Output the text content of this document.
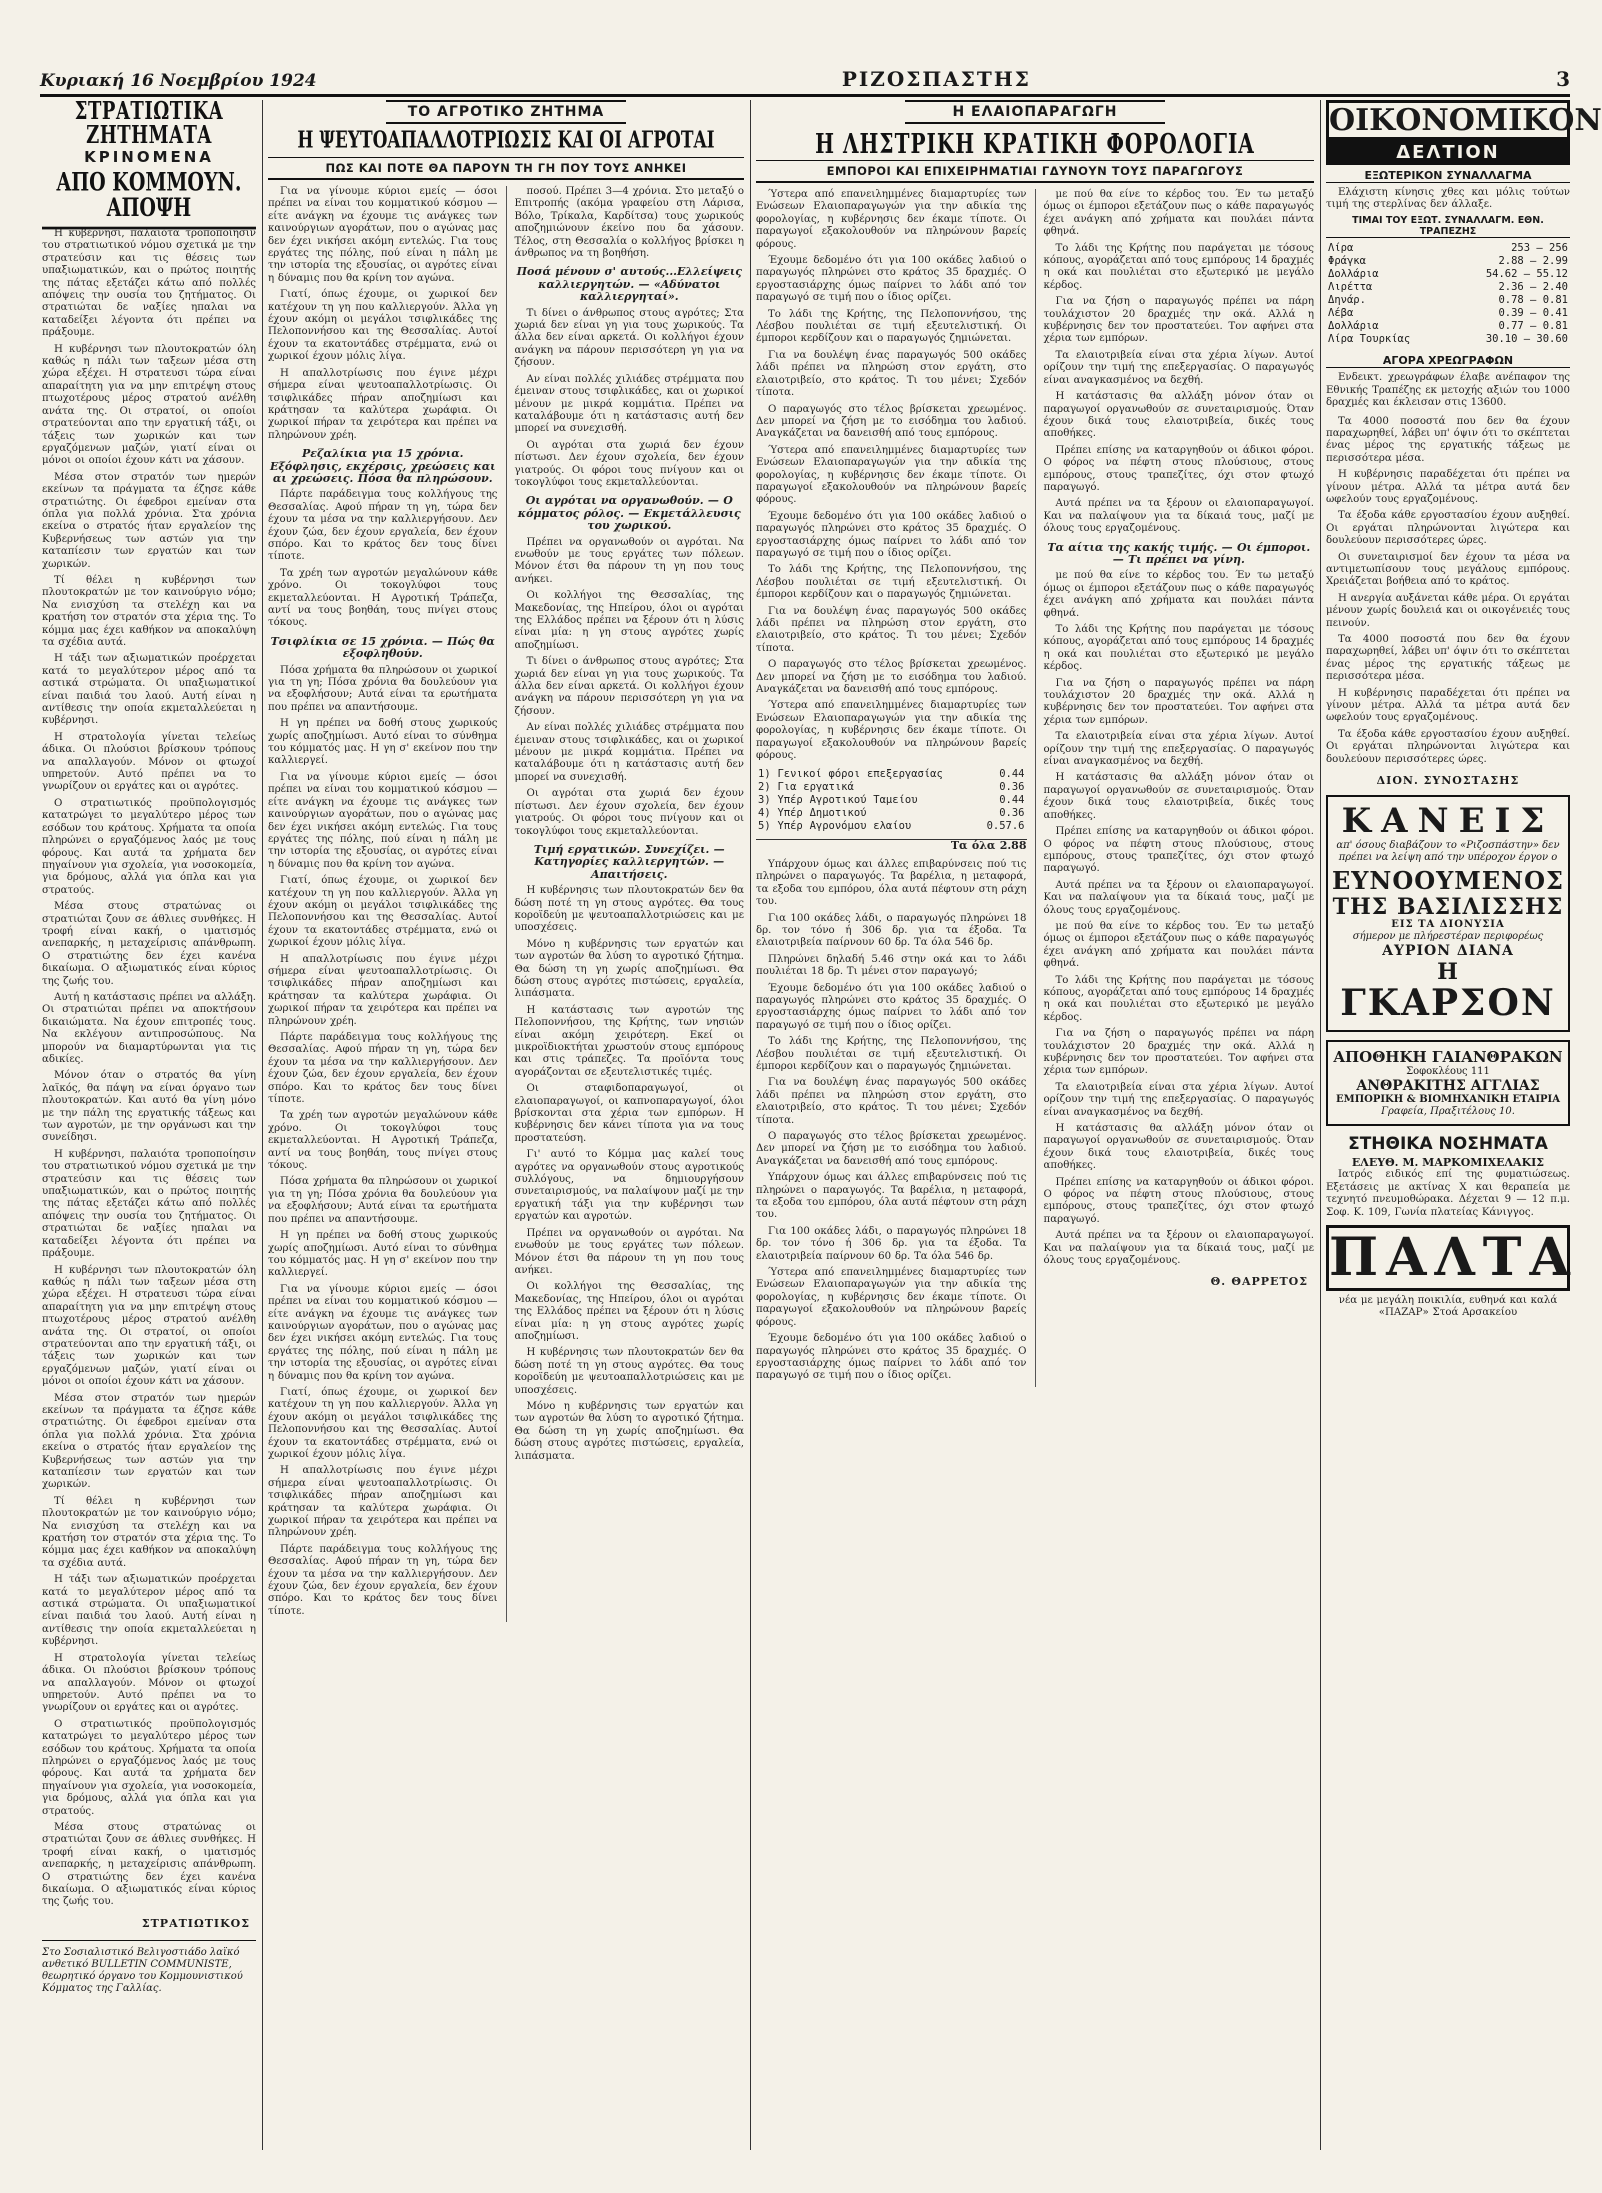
Κυριακή 16 Νοεμβρίου 1924	ΡΙΖΟΣΠΑΣΤΗΣ	3
ΣΤΡΑΤΙΩΤΙΚΑ ΖΗΤΗΜΑΤΑ
ΚΡΙΝΟΜΕΝΑ
ΑΠΟ ΚΟΜΜΟΥΝ. ΑΠΟΨΗ

Η κυβέρνησι, παλαιότα τροποποίησιν του στρατιωτικού νόμου σχετικά με την στρατεύσιν και τις θέσεις των υπαξιωματικών, και ο πρώτος ποιητής της πάτας εξετάζει κάτω από πολλές απόψεις την ουσία του ζητήματος. Οι στρατιώται δε ναξίες ηπαλαι να καταδείξει λέγοντα ότι πρέπει να πράξουμε.

Η κυβέρνησι των πλουτοκρατών όλη καθώς η πάλι των ταξεων μέσα στη χώρα εξέχει. Η στρατευσι τώρα είναι απαραίτητη για να μην επιτρέψη στους πτωχοτέρους μέρος στρατού ανέλθη ανάτα της. Οι στρατοί, οι οποίοι στρατεύονται απο την εργατική τάξι, οι τάξεις των χωρικών και των εργαζόμενων μαζών, γιατί είναι οι μόνοι οι οποίοι έχουν κάτι να χάσουν.

Μέσα στον στρατόν των ημερών εκείνων τα πράγματα τα έζησε κάθε στρατιώτης. Οι έφεδροι εμείναν στα όπλα για πολλά χρόνια. Στα χρόνια εκείνα ο στρατός ήταν εργαλείον της Κυβερνήσεως των αστών για την καταπίεσιν των εργατών και των χωρικών.

Τί θέλει η κυβέρνησι των πλουτοκρατών με τον καινούργιο νόμο; Να ενισχύση τα στελέχη και να κρατήση τον στρατόν στα χέρια της. Το κόμμα μας έχει καθήκον να αποκαλύψη τα σχέδια αυτά.

Η τάξι των αξιωματικών προέρχεται κατά το μεγαλύτερον μέρος από τα αστικά στρώματα. Οι υπαξιωματικοί είναι παιδιά του λαού. Αυτή είναι η αντίθεσις την οποία εκμεταλλεύεται η κυβέρνησι.

Η στρατολογία γίνεται τελείως άδικα. Οι πλούσιοι βρίσκουν τρόπους να απαλλαγούν. Μόνον οι φτωχοί υπηρετούν. Αυτό πρέπει να το γνωρίζουν οι εργάτες και οι αγρότες.

Ο στρατιωτικός προϋπολογισμός κατατρώγει το μεγαλύτερο μέρος των εσόδων του κράτους. Χρήματα τα οποία πληρώνει ο εργαζόμενος λαός με τους φόρους. Και αυτά τα χρήματα δεν πηγαίνουν για σχολεία, για νοσοκομεία, για δρόμους, αλλά για όπλα και για στρατούς.

Μέσα στους στρατώνας οι στρατιώται ζουν σε άθλιες συνθήκες. Η τροφή είναι κακή, ο ιματισμός ανεπαρκής, η μεταχείρισις απάνθρωπη. Ο στρατιώτης δεν έχει κανένα δικαίωμα. Ο αξιωματικός είναι κύριος της ζωής του.

Αυτή η κατάστασις πρέπει να αλλάξη. Οι στρατιώται πρέπει να αποκτήσουν δικαιώματα. Να έχουν επιτροπές τους. Να εκλέγουν αντιπροσώπους. Να μπορούν να διαμαρτύρωνται για τις αδικίες.

Μόνον όταν ο στρατός θα γίνη λαϊκός, θα πάψη να είναι όργανο των πλουτοκρατών. Και αυτό θα γίνη μόνο με την πάλη της εργατικής τάξεως και των αγροτών, με την οργάνωσι και την συνείδησι.

Η κυβέρνησι, παλαιότα τροποποίησιν του στρατιωτικού νόμου σχετικά με την στρατεύσιν και τις θέσεις των υπαξιωματικών, και ο πρώτος ποιητής της πάτας εξετάζει κάτω από πολλές απόψεις την ουσία του ζητήματος. Οι στρατιώται δε ναξίες ηπαλαι να καταδείξει λέγοντα ότι πρέπει να πράξουμε.

Η κυβέρνησι των πλουτοκρατών όλη καθώς η πάλι των ταξεων μέσα στη χώρα εξέχει. Η στρατευσι τώρα είναι απαραίτητη για να μην επιτρέψη στους πτωχοτέρους μέρος στρατού ανέλθη ανάτα της. Οι στρατοί, οι οποίοι στρατεύονται απο την εργατική τάξι, οι τάξεις των χωρικών και των εργαζόμενων μαζών, γιατί είναι οι μόνοι οι οποίοι έχουν κάτι να χάσουν.

Μέσα στον στρατόν των ημερών εκείνων τα πράγματα τα έζησε κάθε στρατιώτης. Οι έφεδροι εμείναν στα όπλα για πολλά χρόνια. Στα χρόνια εκείνα ο στρατός ήταν εργαλείον της Κυβερνήσεως των αστών για την καταπίεσιν των εργατών και των χωρικών.

Τί θέλει η κυβέρνησι των πλουτοκρατών με τον καινούργιο νόμο; Να ενισχύση τα στελέχη και να κρατήση τον στρατόν στα χέρια της. Το κόμμα μας έχει καθήκον να αποκαλύψη τα σχέδια αυτά.

Η τάξι των αξιωματικών προέρχεται κατά το μεγαλύτερον μέρος από τα αστικά στρώματα. Οι υπαξιωματικοί είναι παιδιά του λαού. Αυτή είναι η αντίθεσις την οποία εκμεταλλεύεται η κυβέρνησι.

Η στρατολογία γίνεται τελείως άδικα. Οι πλούσιοι βρίσκουν τρόπους να απαλλαγούν. Μόνον οι φτωχοί υπηρετούν. Αυτό πρέπει να το γνωρίζουν οι εργάτες και οι αγρότες.

Ο στρατιωτικός προϋπολογισμός κατατρώγει το μεγαλύτερο μέρος των εσόδων του κράτους. Χρήματα τα οποία πληρώνει ο εργαζόμενος λαός με τους φόρους. Και αυτά τα χρήματα δεν πηγαίνουν για σχολεία, για νοσοκομεία, για δρόμους, αλλά για όπλα και για στρατούς.

Μέσα στους στρατώνας οι στρατιώται ζουν σε άθλιες συνθήκες. Η τροφή είναι κακή, ο ιματισμός ανεπαρκής, η μεταχείρισις απάνθρωπη. Ο στρατιώτης δεν έχει κανένα δικαίωμα. Ο αξιωματικός είναι κύριος της ζωής του.

ΣΤΡΑΤΙΩΤΙΚΟΣ
Στο Σοσιαλιστικό Βελιγοστιάδο λαϊκό ανθετικό BULLETIN COMMUNISTE, θεωρητικό όργανο του Κομμουνιστικού Κόμματος της Γαλλίας.
ΤΟ ΑΓΡΟΤΙΚΟ ΖΗΤΗΜΑ
Η ΨΕΥΤΟΑΠΑΛΛΟΤΡΙΩΣΙΣ ΚΑΙ ΟΙ ΑΓΡΟΤΑΙ
ΠΩΣ ΚΑΙ ΠΟΤΕ ΘΑ ΠΑΡΟΥΝ ΤΗ ΓΗ ΠΟΥ ΤΟΥΣ ΑΝΗΚΕΙ

Για να γίνουμε κύριοι εμείς — όσοι πρέπει να είναι του κομματικού κόσμου — είτε ανάγκη να έχουμε τις ανάγκες των καινούργιων αγοράτων, που ο αγώνας μας δεν έχει νικήσει ακόμη εντελώς. Για τους εργάτες της πόλης, πού είναι η πάλη με την ιστορία της εξουσίας, οι αγρότες είναι η δύναμις που θα κρίνη τον αγώνα.

Γιατί, όπως έχουμε, οι χωρικοί δεν κατέχουν τη γη που καλλιεργούν. Άλλα γη έχουν ακόμη οι μεγάλοι τσιφλικάδες της Πελοποννήσου και της Θεσσαλίας. Αυτοί έχουν τα εκατοντάδες στρέμματα, ενώ οι χωρικοί έχουν μόλις λίγα.

Η απαλλοτρίωσις που έγινε μέχρι σήμερα είναι ψευτοαπαλλοτρίωσις. Οι τσιφλικάδες πήραν αποζημίωσι και κράτησαν τα καλύτερα χωράφια. Οι χωρικοί πήραν τα χειρότερα και πρέπει να πληρώνουν χρέη.

Ρεζαλίκια για 15 χρόνια. Εξόφλησις, εκχέρσις, χρεώσεις και αι χρεώσεις. Πόσα θα πληρώσουν.

Πάρτε παράδειγμα τους κολλήγους της Θεσσαλίας. Αφού πήραν τη γη, τώρα δεν έχουν τα μέσα να την καλλιεργήσουν. Δεν έχουν ζώα, δεν έχουν εργαλεία, δεν έχουν σπόρο. Και το κράτος δεν τους δίνει τίποτε.

Τα χρέη των αγροτών μεγαλώνουν κάθε χρόνο. Οι τοκογλύφοι τους εκμεταλλεύονται. Η Αγροτική Τράπεζα, αντί να τους βοηθάη, τους πνίγει στους τόκους.

Τσιφλίκια σε 15 χρόνια. — Πώς θα εξοφληθούν.

Πόσα χρήματα θα πληρώσουν οι χωρικοί για τη γη; Πόσα χρόνια θα δουλεύουν για να εξοφλήσουν; Αυτά είναι τα ερωτήματα που πρέπει να απαντήσουμε.

Η γη πρέπει να δοθή στους χωρικούς χωρίς αποζημίωσι. Αυτό είναι το σύνθημα του κόμματός μας. Η γη σ' εκείνον που την καλλιεργεί.

Για να γίνουμε κύριοι εμείς — όσοι πρέπει να είναι του κομματικού κόσμου — είτε ανάγκη να έχουμε τις ανάγκες των καινούργιων αγοράτων, που ο αγώνας μας δεν έχει νικήσει ακόμη εντελώς. Για τους εργάτες της πόλης, πού είναι η πάλη με την ιστορία της εξουσίας, οι αγρότες είναι η δύναμις που θα κρίνη τον αγώνα.

Γιατί, όπως έχουμε, οι χωρικοί δεν κατέχουν τη γη που καλλιεργούν. Άλλα γη έχουν ακόμη οι μεγάλοι τσιφλικάδες της Πελοποννήσου και της Θεσσαλίας. Αυτοί έχουν τα εκατοντάδες στρέμματα, ενώ οι χωρικοί έχουν μόλις λίγα.

Η απαλλοτρίωσις που έγινε μέχρι σήμερα είναι ψευτοαπαλλοτρίωσις. Οι τσιφλικάδες πήραν αποζημίωσι και κράτησαν τα καλύτερα χωράφια. Οι χωρικοί πήραν τα χειρότερα και πρέπει να πληρώνουν χρέη.

Πάρτε παράδειγμα τους κολλήγους της Θεσσαλίας. Αφού πήραν τη γη, τώρα δεν έχουν τα μέσα να την καλλιεργήσουν. Δεν έχουν ζώα, δεν έχουν εργαλεία, δεν έχουν σπόρο. Και το κράτος δεν τους δίνει τίποτε.

Τα χρέη των αγροτών μεγαλώνουν κάθε χρόνο. Οι τοκογλύφοι τους εκμεταλλεύονται. Η Αγροτική Τράπεζα, αντί να τους βοηθάη, τους πνίγει στους τόκους.

Πόσα χρήματα θα πληρώσουν οι χωρικοί για τη γη; Πόσα χρόνια θα δουλεύουν για να εξοφλήσουν; Αυτά είναι τα ερωτήματα που πρέπει να απαντήσουμε.

Η γη πρέπει να δοθή στους χωρικούς χωρίς αποζημίωσι. Αυτό είναι το σύνθημα του κόμματός μας. Η γη σ' εκείνον που την καλλιεργεί.

Για να γίνουμε κύριοι εμείς — όσοι πρέπει να είναι του κομματικού κόσμου — είτε ανάγκη να έχουμε τις ανάγκες των καινούργιων αγοράτων, που ο αγώνας μας δεν έχει νικήσει ακόμη εντελώς. Για τους εργάτες της πόλης, πού είναι η πάλη με την ιστορία της εξουσίας, οι αγρότες είναι η δύναμις που θα κρίνη τον αγώνα.

Γιατί, όπως έχουμε, οι χωρικοί δεν κατέχουν τη γη που καλλιεργούν. Άλλα γη έχουν ακόμη οι μεγάλοι τσιφλικάδες της Πελοποννήσου και της Θεσσαλίας. Αυτοί έχουν τα εκατοντάδες στρέμματα, ενώ οι χωρικοί έχουν μόλις λίγα.

Η απαλλοτρίωσις που έγινε μέχρι σήμερα είναι ψευτοαπαλλοτρίωσις. Οι τσιφλικάδες πήραν αποζημίωσι και κράτησαν τα καλύτερα χωράφια. Οι χωρικοί πήραν τα χειρότερα και πρέπει να πληρώνουν χρέη.

Πάρτε παράδειγμα τους κολλήγους της Θεσσαλίας. Αφού πήραν τη γη, τώρα δεν έχουν τα μέσα να την καλλιεργήσουν. Δεν έχουν ζώα, δεν έχουν εργαλεία, δεν έχουν σπόρο. Και το κράτος δεν τους δίνει τίποτε.

ποσού. Πρέπει 3—4 χρόνια. Στο μεταξύ ο Επιτροπής (ακόμα γραφείου στη Λάρισα, Βόλο, Τρίκαλα, Καρδίτσα) τους χωρικούς αποζημιώνουν έκείνο που δα χάσουν. Τέλος, στη Θεσσαλία ο κολλήγος βρίσκει η άνθρωπος να τη βοηθήση.

Ποσά μένουν σ' αυτούς...Ελλείψεις καλλιεργητών. — «Αδύνατοι καλλιεργηταί».

Τι δίνει ο άνθρωπος στους αγρότες; Στα χωριά δεν είναι γη για τους χωρικούς. Τα άλλα δεν είναι αρκετά. Οι κολλήγοι έχουν ανάγκη να πάρουν περισσότερη γη για να ζήσουν.

Αν είναι πολλές χιλιάδες στρέμματα που έμειναν στους τσιφλικάδες, και οι χωρικοί μένουν με μικρά κομμάτια. Πρέπει να καταλάβουμε ότι η κατάστασις αυτή δεν μπορεί να συνεχισθή.

Οι αγρόται στα χωριά δεν έχουν πίστωσι. Δεν έχουν σχολεία, δεν έχουν γιατρούς. Οι φόροι τους πνίγουν και οι τοκογλύφοι τους εκμεταλλεύονται.

Οι αγρόται να οργανωθούν. — Ο κόμματος ρόλος. — Εκμετάλλευσις του χωρικού.

Πρέπει να οργανωθούν οι αγρόται. Να ενωθούν με τους εργάτες των πόλεων. Μόνον έτσι θα πάρουν τη γη που τους ανήκει.

Οι κολλήγοι της Θεσσαλίας, της Μακεδονίας, της Ηπείρου, όλοι οι αγρόται της Ελλάδος πρέπει να ξέρουν ότι η λύσις είναι μία: η γη στους αγρότες χωρίς αποζημίωσι.

Τι δίνει ο άνθρωπος στους αγρότες; Στα χωριά δεν είναι γη για τους χωρικούς. Τα άλλα δεν είναι αρκετά. Οι κολλήγοι έχουν ανάγκη να πάρουν περισσότερη γη για να ζήσουν.

Αν είναι πολλές χιλιάδες στρέμματα που έμειναν στους τσιφλικάδες, και οι χωρικοί μένουν με μικρά κομμάτια. Πρέπει να καταλάβουμε ότι η κατάστασις αυτή δεν μπορεί να συνεχισθή.

Οι αγρόται στα χωριά δεν έχουν πίστωσι. Δεν έχουν σχολεία, δεν έχουν γιατρούς. Οι φόροι τους πνίγουν και οι τοκογλύφοι τους εκμεταλλεύονται.

Τιμή εργατικών. Συνεχίζει. — Κατηγορίες καλλιεργητών. — Απαιτήσεις.

Η κυβέρνησις των πλουτοκρατών δεν θα δώση ποτέ τη γη στους αγρότες. Θα τους κοροϊδεύη με ψευτοαπαλλοτριώσεις και με υποσχέσεις.

Μόνο η κυβέρνησις των εργατών και των αγροτών θα λύση το αγροτικό ζήτημα. Θα δώση τη γη χωρίς αποζημίωσι. Θα δώση στους αγρότες πιστώσεις, εργαλεία, λιπάσματα.

Η κατάστασις των αγροτών της Πελοποννήσου, της Κρήτης, των νησιών είναι ακόμη χειρότερη. Εκεί οι μικροϊδιοκτήται χρωστούν στους εμπόρους και στις τράπεζες. Τα προϊόντα τους αγοράζονται σε εξευτελιστικές τιμές.

Οι σταφιδοπαραγωγοί, οι ελαιοπαραγωγοί, οι καπνοπαραγωγοί, όλοι βρίσκονται στα χέρια των εμπόρων. Η κυβέρνησις δεν κάνει τίποτα για να τους προστατεύση.

Γι' αυτό το Κόμμα μας καλεί τους αγρότες να οργανωθούν στους αγροτικούς συλλόγους, να δημιουργήσουν συνεταιρισμούς, να παλαίψουν μαζί με την εργατική τάξι για την κυβέρνησι των εργατών και αγροτών.

Πρέπει να οργανωθούν οι αγρόται. Να ενωθούν με τους εργάτες των πόλεων. Μόνον έτσι θα πάρουν τη γη που τους ανήκει.

Οι κολλήγοι της Θεσσαλίας, της Μακεδονίας, της Ηπείρου, όλοι οι αγρόται της Ελλάδος πρέπει να ξέρουν ότι η λύσις είναι μία: η γη στους αγρότες χωρίς αποζημίωσι.

Η κυβέρνησις των πλουτοκρατών δεν θα δώση ποτέ τη γη στους αγρότες. Θα τους κοροϊδεύη με ψευτοαπαλλοτριώσεις και με υποσχέσεις.

Μόνο η κυβέρνησις των εργατών και των αγροτών θα λύση το αγροτικό ζήτημα. Θα δώση τη γη χωρίς αποζημίωσι. Θα δώση στους αγρότες πιστώσεις, εργαλεία, λιπάσματα.

Η ΕΛΑΙΟΠΑΡΑΓΩΓΗ
Η ΛΗΣΤΡΙΚΗ ΚΡΑΤΙΚΗ ΦΟΡΟΛΟΓΙΑ
ΕΜΠΟΡΟΙ ΚΑΙ ΕΠΙΧΕΙΡΗΜΑΤΙΑΙ ΓΔΥΝΟΥΝ ΤΟΥΣ ΠΑΡΑΓΩΓΟΥΣ

Ύστερα από επανειλημμένες διαμαρτυρίες των Ενώσεων Ελαιοπαραγωγών για την αδικία της φορολογίας, η κυβέρνησις δεν έκαμε τίποτε. Οι παραγωγοί εξακολουθούν να πληρώνουν βαρείς φόρους.

Έχουμε δεδομένο ότι για 100 οκάδες λαδιού ο παραγωγός πληρώνει στο κράτος 35 δραχμές. Ο εργοστασιάρχης όμως παίρνει το λάδι από τον παραγωγό σε τιμή που ο ίδιος ορίζει.

Το λάδι της Κρήτης, της Πελοποννήσου, της Λέσβου πουλιέται σε τιμή εξευτελιστική. Οι έμποροι κερδίζουν και ο παραγωγός ζημιώνεται.

Για να δουλέψη ένας παραγωγός 500 οκάδες λάδι πρέπει να πληρώση στον εργάτη, στο ελαιοτριβείο, στο κράτος. Τι του μένει; Σχεδόν τίποτα.

Ο παραγωγός στο τέλος βρίσκεται χρεωμένος. Δεν μπορεί να ζήση με το εισόδημα του λαδιού. Αναγκάζεται να δανεισθή από τους εμπόρους.

Ύστερα από επανειλημμένες διαμαρτυρίες των Ενώσεων Ελαιοπαραγωγών για την αδικία της φορολογίας, η κυβέρνησις δεν έκαμε τίποτε. Οι παραγωγοί εξακολουθούν να πληρώνουν βαρείς φόρους.

Έχουμε δεδομένο ότι για 100 οκάδες λαδιού ο παραγωγός πληρώνει στο κράτος 35 δραχμές. Ο εργοστασιάρχης όμως παίρνει το λάδι από τον παραγωγό σε τιμή που ο ίδιος ορίζει.

Το λάδι της Κρήτης, της Πελοποννήσου, της Λέσβου πουλιέται σε τιμή εξευτελιστική. Οι έμποροι κερδίζουν και ο παραγωγός ζημιώνεται.

Για να δουλέψη ένας παραγωγός 500 οκάδες λάδι πρέπει να πληρώση στον εργάτη, στο ελαιοτριβείο, στο κράτος. Τι του μένει; Σχεδόν τίποτα.

Ο παραγωγός στο τέλος βρίσκεται χρεωμένος. Δεν μπορεί να ζήση με το εισόδημα του λαδιού. Αναγκάζεται να δανεισθή από τους εμπόρους.

Ύστερα από επανειλημμένες διαμαρτυρίες των Ενώσεων Ελαιοπαραγωγών για την αδικία της φορολογίας, η κυβέρνησις δεν έκαμε τίποτε. Οι παραγωγοί εξακολουθούν να πληρώνουν βαρείς φόρους.

1) Γενικοί φόροι επεξεργασίας	0.44
2) Για εργατικά	0.36
3) Υπέρ Αγροτικού Ταμείου	0.44
4) Υπέρ Δημοτικού	0.36
5) Υπέρ Αγρονόμου ελαίου	0.57.6
Τα όλα 2.88

Υπάρχουν όμως και άλλες επιβαρύνσεις πού τις πληρώνει ο παραγωγός. Τα βαρέλια, η μεταφορά, τα εξοδα του εμπόρου, όλα αυτά πέφτουν στη ράχη του.

Για 100 οκάδες λάδι, ο παραγωγός πληρώνει 18 δρ. τον τόνο ή 306 δρ. για τα έξοδα. Τα ελαιοτριβεία παίρνουν 60 δρ. Τα όλα 546 δρ.

Πληρώνει δηλαδή 5.46 στην οκά και το λάδι πουλιέται 18 δρ. Τι μένει στον παραγωγό;

Έχουμε δεδομένο ότι για 100 οκάδες λαδιού ο παραγωγός πληρώνει στο κράτος 35 δραχμές. Ο εργοστασιάρχης όμως παίρνει το λάδι από τον παραγωγό σε τιμή που ο ίδιος ορίζει.

Το λάδι της Κρήτης, της Πελοποννήσου, της Λέσβου πουλιέται σε τιμή εξευτελιστική. Οι έμποροι κερδίζουν και ο παραγωγός ζημιώνεται.

Για να δουλέψη ένας παραγωγός 500 οκάδες λάδι πρέπει να πληρώση στον εργάτη, στο ελαιοτριβείο, στο κράτος. Τι του μένει; Σχεδόν τίποτα.

Ο παραγωγός στο τέλος βρίσκεται χρεωμένος. Δεν μπορεί να ζήση με το εισόδημα του λαδιού. Αναγκάζεται να δανεισθή από τους εμπόρους.

Υπάρχουν όμως και άλλες επιβαρύνσεις πού τις πληρώνει ο παραγωγός. Τα βαρέλια, η μεταφορά, τα εξοδα του εμπόρου, όλα αυτά πέφτουν στη ράχη του.

Για 100 οκάδες λάδι, ο παραγωγός πληρώνει 18 δρ. τον τόνο ή 306 δρ. για τα έξοδα. Τα ελαιοτριβεία παίρνουν 60 δρ. Τα όλα 546 δρ.

Ύστερα από επανειλημμένες διαμαρτυρίες των Ενώσεων Ελαιοπαραγωγών για την αδικία της φορολογίας, η κυβέρνησις δεν έκαμε τίποτε. Οι παραγωγοί εξακολουθούν να πληρώνουν βαρείς φόρους.

Έχουμε δεδομένο ότι για 100 οκάδες λαδιού ο παραγωγός πληρώνει στο κράτος 35 δραχμές. Ο εργοστασιάρχης όμως παίρνει το λάδι από τον παραγωγό σε τιμή που ο ίδιος ορίζει.

με πού θα είνε το κέρδος του. Έν τω μεταξύ όμως οι έμποροι εξετάζουν πως ο κάθε παραγωγός έχει ανάγκη από χρήματα και πουλάει πάντα φθηνά.

Το λάδι της Κρήτης που παράγεται με τόσους κόπους, αγοράζεται από τους εμπόρους 14 δραχμές η οκά και πουλιέται στο εξωτερικό με μεγάλο κέρδος.

Για να ζήση ο παραγωγός πρέπει να πάρη τουλάχιστον 20 δραχμές την οκά. Αλλά η κυβέρνησις δεν τον προστατεύει. Τον αφήνει στα χέρια των εμπόρων.

Τα ελαιοτριβεία είναι στα χέρια λίγων. Αυτοί ορίζουν την τιμή της επεξεργασίας. Ο παραγωγός είναι αναγκασμένος να δεχθή.

Η κατάστασις θα αλλάξη μόνον όταν οι παραγωγοί οργανωθούν σε συνεταιρισμούς. Όταν έχουν δικά τους ελαιοτριβεία, δικές τους αποθήκες.

Πρέπει επίσης να καταργηθούν οι άδικοι φόροι. Ο φόρος να πέφτη στους πλούσιους, στους εμπόρους, στους τραπεζίτες, όχι στον φτωχό παραγωγό.

Αυτά πρέπει να τα ξέρουν οι ελαιοπαραγωγοί. Και να παλαίψουν για τα δίκαιά τους, μαζί με όλους τους εργαζομένους.

Τα αίτια της κακής τιμής. — Οι έμποροι. — Τι πρέπει να γίνη.

με πού θα είνε το κέρδος του. Έν τω μεταξύ όμως οι έμποροι εξετάζουν πως ο κάθε παραγωγός έχει ανάγκη από χρήματα και πουλάει πάντα φθηνά.

Το λάδι της Κρήτης που παράγεται με τόσους κόπους, αγοράζεται από τους εμπόρους 14 δραχμές η οκά και πουλιέται στο εξωτερικό με μεγάλο κέρδος.

Για να ζήση ο παραγωγός πρέπει να πάρη τουλάχιστον 20 δραχμές την οκά. Αλλά η κυβέρνησις δεν τον προστατεύει. Τον αφήνει στα χέρια των εμπόρων.

Τα ελαιοτριβεία είναι στα χέρια λίγων. Αυτοί ορίζουν την τιμή της επεξεργασίας. Ο παραγωγός είναι αναγκασμένος να δεχθή.

Η κατάστασις θα αλλάξη μόνον όταν οι παραγωγοί οργανωθούν σε συνεταιρισμούς. Όταν έχουν δικά τους ελαιοτριβεία, δικές τους αποθήκες.

Πρέπει επίσης να καταργηθούν οι άδικοι φόροι. Ο φόρος να πέφτη στους πλούσιους, στους εμπόρους, στους τραπεζίτες, όχι στον φτωχό παραγωγό.

Αυτά πρέπει να τα ξέρουν οι ελαιοπαραγωγοί. Και να παλαίψουν για τα δίκαιά τους, μαζί με όλους τους εργαζομένους.

με πού θα είνε το κέρδος του. Έν τω μεταξύ όμως οι έμποροι εξετάζουν πως ο κάθε παραγωγός έχει ανάγκη από χρήματα και πουλάει πάντα φθηνά.

Το λάδι της Κρήτης που παράγεται με τόσους κόπους, αγοράζεται από τους εμπόρους 14 δραχμές η οκά και πουλιέται στο εξωτερικό με μεγάλο κέρδος.

Για να ζήση ο παραγωγός πρέπει να πάρη τουλάχιστον 20 δραχμές την οκά. Αλλά η κυβέρνησις δεν τον προστατεύει. Τον αφήνει στα χέρια των εμπόρων.

Τα ελαιοτριβεία είναι στα χέρια λίγων. Αυτοί ορίζουν την τιμή της επεξεργασίας. Ο παραγωγός είναι αναγκασμένος να δεχθή.

Η κατάστασις θα αλλάξη μόνον όταν οι παραγωγοί οργανωθούν σε συνεταιρισμούς. Όταν έχουν δικά τους ελαιοτριβεία, δικές τους αποθήκες.

Πρέπει επίσης να καταργηθούν οι άδικοι φόροι. Ο φόρος να πέφτη στους πλούσιους, στους εμπόρους, στους τραπεζίτες, όχι στον φτωχό παραγωγό.

Αυτά πρέπει να τα ξέρουν οι ελαιοπαραγωγοί. Και να παλαίψουν για τα δίκαιά τους, μαζί με όλους τους εργαζομένους.

Θ. ΘΑΡΡΕΤΟΣ
ΟΙΚΟΝΟΜΙΚΟΝ
ΔΕΛΤΙΟΝ
ΕΞΩΤΕΡΙΚΟΝ ΣΥΝΑΛΛΑΓΜΑ

Ελάχιστη κίνησις χθες και μόλις τούτων τιμή της στερλίνας δεν άλλαξε.

ΤΙΜΑΙ ΤΟΥ ΕΞΩΤ. ΣΥΝΑΛΛΑΓΜ. ΕΘΝ. ΤΡΑΠΕΖΗΣ
Λίρα	253 — 256
Φράγκα	2.88 — 2.99
Δολλάρια	54.62 — 55.12
Λιρέττα	2.36 — 2.40
Δηνάρ.	0.78 — 0.81
Λέβα	0.39 — 0.41
Δολλάρια	0.77 — 0.81
Λίρα Τουρκίας	30.10 — 30.60
ΑΓΟΡΑ ΧΡΕΩΓΡΑΦΩΝ

Ενδεικτ. χρεωγράφων έλαβε ανέπαφον της Εθνικής Τραπέζης εκ μετοχής αξιών του 1000 δραχμές και έκλεισαν στις 13600.

Τα 4000 ποσοστά που δεν θα έχουν παραχωρηθεί, λάβει υπ' όψιν ότι το σκέπτεται ένας μέρος της εργατικής τάξεως με περισσότερα μέσα.

Η κυβέρνησις παραδέχεται ότι πρέπει να γίνουν μέτρα. Αλλά τα μέτρα αυτά δεν ωφελούν τους εργαζομένους.

Τα έξοδα κάθε εργοστασίου έχουν αυξηθεί. Οι εργάται πληρώνονται λιγώτερα και δουλεύουν περισσότερες ώρες.

Οι συνεταιρισμοί δεν έχουν τα μέσα να αντιμετωπίσουν τους μεγάλους εμπόρους. Χρειάζεται βοήθεια από το κράτος.

Η ανεργία αυξάνεται κάθε μέρα. Οι εργάται μένουν χωρίς δουλειά και οι οικογένειές τους πεινούν.

Τα 4000 ποσοστά που δεν θα έχουν παραχωρηθεί, λάβει υπ' όψιν ότι το σκέπτεται ένας μέρος της εργατικής τάξεως με περισσότερα μέσα.

Η κυβέρνησις παραδέχεται ότι πρέπει να γίνουν μέτρα. Αλλά τα μέτρα αυτά δεν ωφελούν τους εργαζομένους.

Τα έξοδα κάθε εργοστασίου έχουν αυξηθεί. Οι εργάται πληρώνονται λιγώτερα και δουλεύουν περισσότερες ώρες.

ΔΙΟΝ. ΣΥΝΟΣΤΑΣΗΣ
ΚΑΝΕΙΣ
απ' όσους διαβάζουν το «Ριζοσπάστην» δεν πρέπει να λείψη από την υπέροχον έργον ο
ΕΥΝΟΟΥΜΕΝΟΣ
ΤΗΣ ΒΑΣΙΛΙΣΣΗΣ
ΕΙΣ ΤΑ ΔΙΟΝΥΣΙΑ
σήμερον με πλήρεστέραν περιφορέως
ΑΥΡΙΟΝ ΔΙΑΝΑ
Η
ΓΚΑΡΣΟΝ
ΑΠΟΘΗΚΗ ΓΑΙΑΝΘΡΑΚΩΝ
Σοφοκλέους 111
ΑΝΘΡΑΚΙΤΗΣ ΑΓΓΛΙΑΣ
ΕΜΠΟΡΙΚΗ & ΒΙΟΜΗΧΑΝΙΚΗ ΕΤΑΙΡΙΑ
Γραφεία, Πραξιτέλους 10.
ΣΤΗΘΙΚΑ ΝΟΣΗΜΑΤΑ
ΕΛΕΥΘ. Μ. ΜΑΡΚΟΜΙΧΕΛΑΚΙΣ

Ιατρός ειδικός επί της φυματιώσεως. Εξετάσεις με ακτίνας Χ και θεραπεία με τεχνητό πνευμοθώρακα. Δέχεται 9 — 12 π.μ. Σοφ. Κ. 109, Γωνία πλατείας Κάνιγγος.

ΠΑΛΤΑ

νέα με μεγάλη ποικιλία, ευθηνά και καλά «ΠΑΖΑΡ» Στοά Αρσακείου
